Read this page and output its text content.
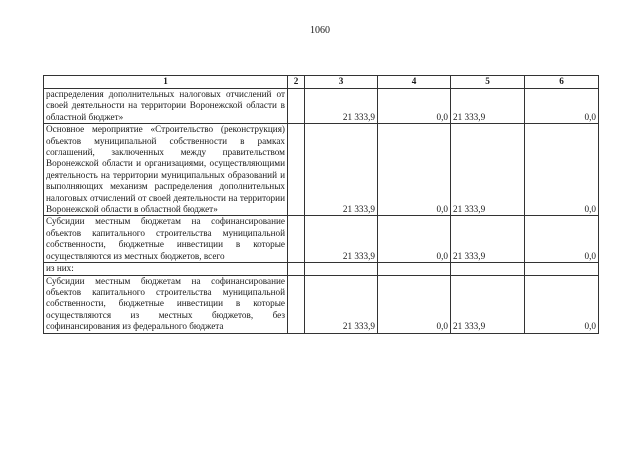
1060
1	2	3	4	5	6
распределения дополнительных налоговых отчислений от своей деятельности на территории Воронежской области в областной бюджет»		21 333,9	0,0	21 333,9	0,0
Основное мероприятие «Строительство (реконструкция) объектов муниципальной собственности в рамках соглашений, заключенных между правительством Воронежской области и организациями, осуществляющими деятельность на территории муниципальных образований и выполняющих механизм распределения дополнительных налоговых отчислений от своей деятельности на территории Воронежской области в областной бюджет»		21 333,9	0,0	21 333,9	0,0
Субсидии местным бюджетам на софинансирование объектов капитального строительства муниципальной собственности, бюджетные инвестиции в которые осуществляются из местных бюджетов, всего		21 333,9	0,0	21 333,9	0,0
из них:					
Субсидии местным бюджетам на софинансирование объектов капитального строительства муниципальной собственности, бюджетные инвестиции в которые осуществляются из местных бюджетов, без софинансирования из федерального бюджета		21 333,9	0,0	21 333,9	0,0
